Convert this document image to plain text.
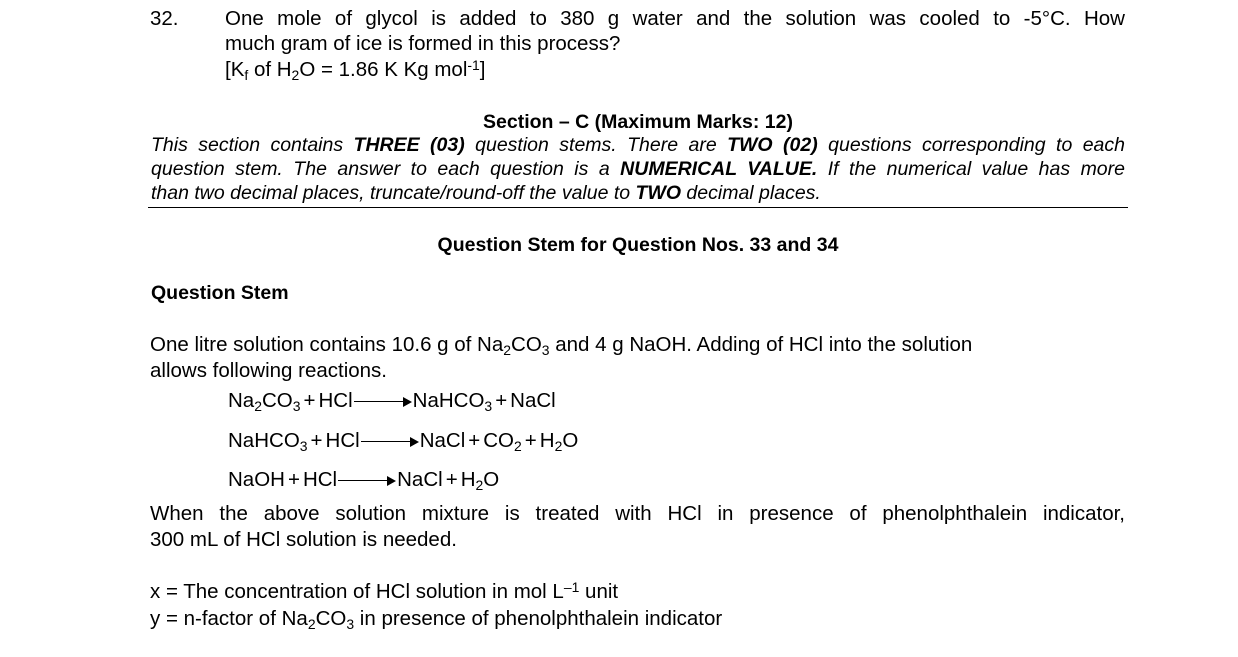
32. One mole of glycol is added to 380 g water and the solution was cooled to -5°C. How
much gram of ice is formed in this process?
[$K_f$ of $H_2O = 1.86$ K Kg mol$^{-1}$]
Section – C (Maximum Marks: 12)
This section contains THREE (03) question stems. There are TWO (02) questions corresponding to each
question stem. The answer to each question is a NUMERICAL VALUE. If the numerical value has more
than two decimal places, truncate/round-off the value to TWO decimal places.
Question Stem for Question Nos. 33 and 34
Question Stem
One litre solution contains 10.6 g of $Na_2CO_3$ and 4 g NaOH. Adding of HCl into the solution
allows following reactions.
$Na_2CO_3$ + HCl	NaHCO$_3$ + NaCl
NaHCO$_3$ + HCl	NaCl + $CO_2 + H_2O$
NaOH + HCl	NaCl + $H_2O$
When the above solution mixture is treated with HCl in presence of phenolphthalein indicator,
300 mL of HCl solution is needed.
x = The concentration of HCl solution in mol $L^{-1}$ unit
y = n-factor of $Na_2CO_3$ in presence of phenolphthalein indicator
